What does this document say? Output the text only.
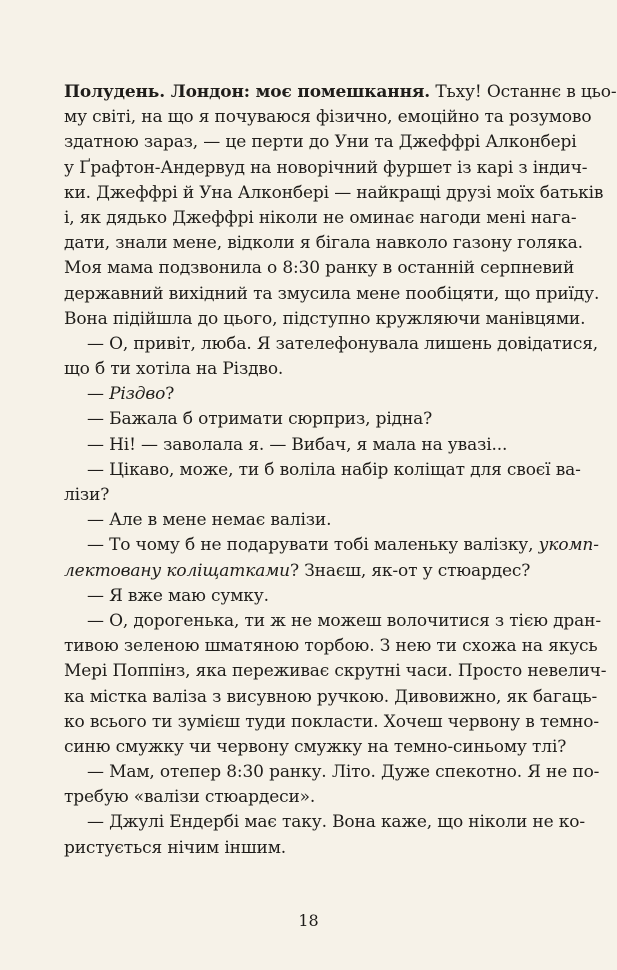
Полудень. Лондон: моє помешкання. Тьху! Останнє в цьо-
му світі, на що я почуваюся фізично, емоційно та розумово
здатною зараз, — це перти до Уни та Джеффрі Алконбері
у Ґрафтон-Андервуд на новорічний фуршет із карі з індич-
ки. Джеффрі й Уна Алконбері — найкращі друзі моїх батьків
і, як дядько Джеффрі ніколи не оминає нагоди мені нага-
дати, знали мене, відколи я бігала навколо газону голяка.
Моя мама подзвонила о 8:30 ранку в останній серпневий
державний вихідний та змусила мене пообіцяти, що приїду.
Вона підійшла до цього, підступно кружляючи манівцями.
— О, привіт, люба. Я зателефонувала лишень довідатися,
що б ти хотіла на Різдво.
— Різдво?
— Бажала б отримати сюрприз, рідна?
— Ні! — заволала я. — Вибач, я мала на увазі...
— Цікаво, може, ти б воліла набір коліщат для своєї ва-
лізи?
— Але в мене немає валізи.
— То чому б не подарувати тобі маленьку валізку, укомп-
лектовану коліщатками? Знаєш, як-от у стюардес?
— Я вже маю сумку.
— О, дорогенька, ти ж не можеш волочитися з тією дран-
тивою зеленою шматяною торбою. З нею ти схожа на якусь
Мері Поппінз, яка переживає скрутні часи. Просто невелич-
ка місткa валіза з висувною ручкою. Дивовижно, як багаць-
ко всього ти зумієш туди покласти. Хочеш червону в темно-
синю смужку чи червону смужку на темно-синьому тлі?
— Мам, отепер 8:30 ранку. Літо. Дуже спекотно. Я не по-
требую «валізи стюардеси».
— Джулі Ендербі має таку. Вона каже, що ніколи не ко-
ристується нічим іншим.
18
